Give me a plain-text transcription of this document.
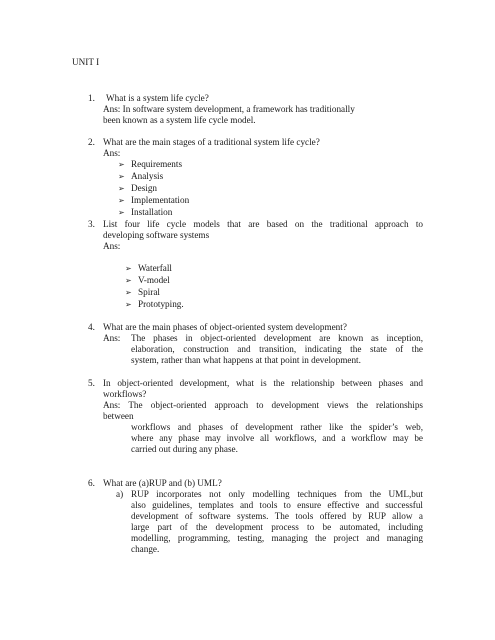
UNIT I
1. What is a system life cycle?
Ans: In software system development, a framework has traditionally
been known as a system life cycle model.
2. What are the main stages of a traditional system life cycle?
Ans:
➢ Requirements
➢ Analysis
➢ Design
➢ Implementation
➢ Installation
3. List four life cycle models that are based on the traditional approach to
developing software systems
Ans:
➢ Waterfall
➢ V-model
➢ Spiral
➢ Prototyping.
4. What are the main phases of object-oriented system development?
Ans: The phases in object-oriented development are known as inception,
elaboration, construction and transition, indicating the state of the
system, rather than what happens at that point in development.
5. In object-oriented development, what is the relationship between phases and
workflows?
Ans: The object-oriented approach to development views the relationships
between
workflows and phases of development rather like the spider’s web,
where any phase may involve all workflows, and a workflow may be
carried out during any phase.
6. What are (a)RUP and (b) UML?
a) RUP incorporates not only modelling techniques from the UML,but
also guidelines, templates and tools to ensure effective and successful
development of software systems. The tools offered by RUP allow a
large part of the development process to be automated, including
modelling, programming, testing, managing the project and managing
change.
